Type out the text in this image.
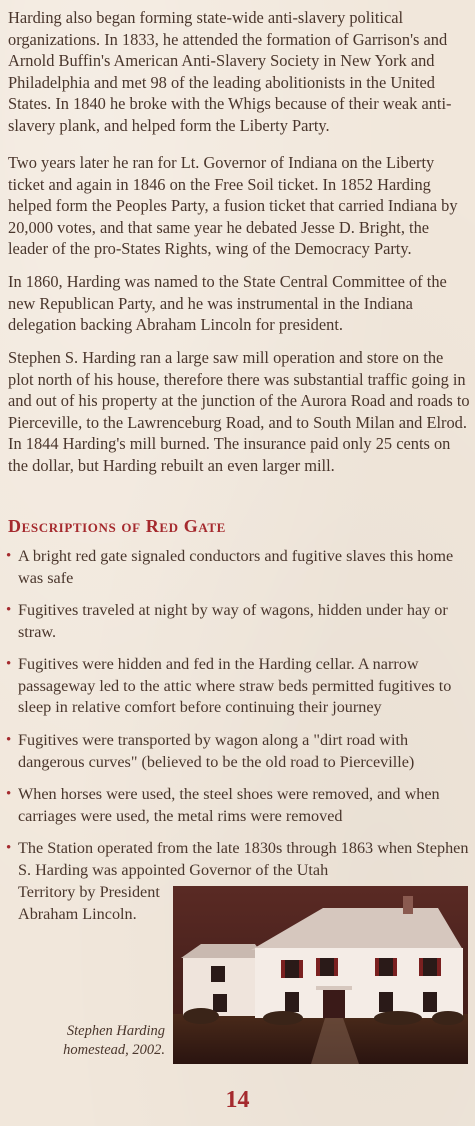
Harding also began forming state-wide anti-slavery political organizations. In 1833, he attended the formation of Garrison's and Arnold Buffin's American Anti-Slavery Society in New York and Philadelphia and met 98 of the leading abolitionists in the United States. In 1840 he broke with the Whigs because of their weak anti-slavery plank, and helped form the Liberty Party.

Two years later he ran for Lt. Governor of Indiana on the Liberty ticket and again in 1846 on the Free Soil ticket. In 1852 Harding helped form the Peoples Party, a fusion ticket that carried Indiana by 20,000 votes, and that same year he debated Jesse D. Bright, the leader of the pro-States Rights, wing of the Democracy Party.

In 1860, Harding was named to the State Central Committee of the new Republican Party, and he was instrumental in the Indiana delegation backing Abraham Lincoln for president.

Stephen S. Harding ran a large saw mill operation and store on the plot north of his house, therefore there was substantial traffic going in and out of his property at the junction of the Aurora Road and roads to Pierceville, to the Lawrenceburg Road, and to South Milan and Elrod. In 1844 Harding's mill burned. The insurance paid only 25 cents on the dollar, but Harding rebuilt an even larger mill.

Descriptions of Red Gate
• A bright red gate signaled conductors and fugitive slaves this home was safe
• Fugitives traveled at night by way of wagons, hidden under hay or straw.
• Fugitives were hidden and fed in the Harding cellar. A narrow passageway led to the attic where straw beds permitted fugitives to sleep in relative comfort before continuing their journey
• Fugitives were transported by wagon along a "dirt road with dangerous curves" (believed to be the old road to Pierceville)
• When horses were used, the steel shoes were removed, and when carriages were used, the metal rims were removed
• The Station operated from the late 1830s through 1863 when Stephen S. Harding was appointed Governor of the Utah
Territory by President Abraham Lincoln.
Stephen Harding homestead, 2002.
14
